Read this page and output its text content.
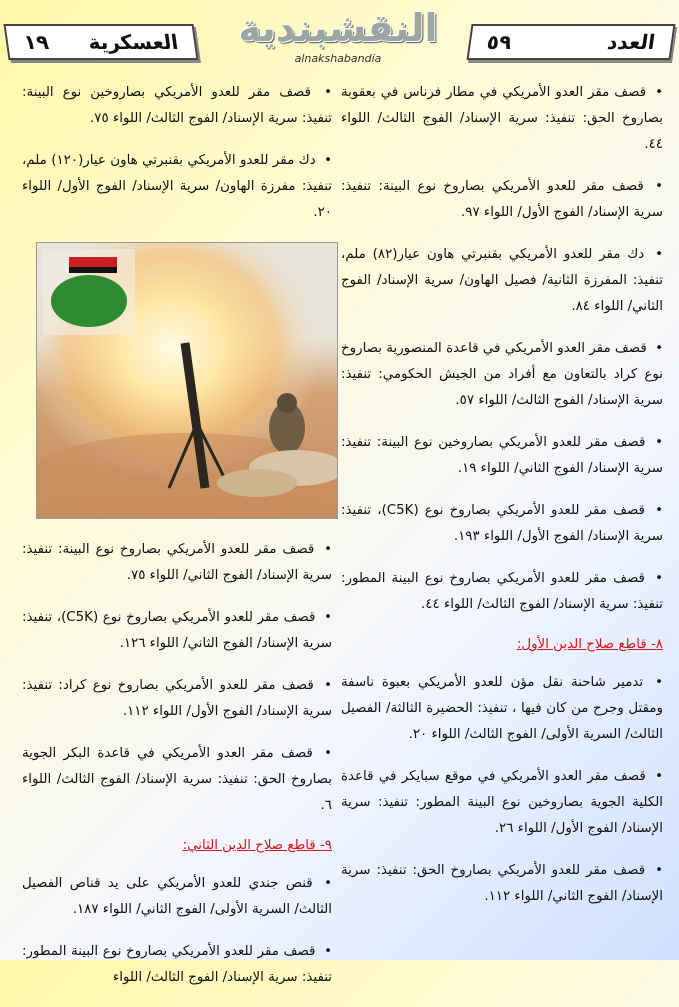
العدد
٥٩
النقشبندية
alnakshabandia
العسكرية
١٩

• قصف مقر العدو الأمريكي في مطار فرناس في بعقوبة بصاروخ الحق: تنفيذ: سرية الإسناد/ الفوج الثالث/ اللواء ٤٤.

• قصف مقر للعدو الأمريكي بصاروخ نوع البينة: تنفيذ: سرية الإسناد/ الفوج الأول/ اللواء ٩٧.

• دك مقر للعدو الأمريكي بقنبرتي هاون عيار(٨٢) ملم، تنفيذ: المفرزة الثانية/ فصيل الهاون/ سرية الإسناد/ الفوج الثاني/ اللواء ٨٤.

• قصف مقر العدو الأمريكي في قاعدة المنصورية بصاروخ نوع كراد بالتعاون مع أفراد من الجيش الحكومي: تنفيذ: سرية الإسناد/ الفوج الثالث/ اللواء ٥٧.

• قصف مقر للعدو الأمريكي بصاروخين نوع البينة: تنفيذ: سرية الإسناد/ الفوج الثاني/ اللواء ١٩.

• قصف مقر للعدو الأمريكي بصاروخ نوع (C5K)، تنفيذ: سرية الإسناد/ الفوج الأول/ اللواء ١٩٣.

• قصف مقر للعدو الأمريكي بصاروخ نوع البينة المطور: تنفيذ: سرية الإسناد/ الفوج الثالث/ اللواء ٤٤.

٨- قاطع صلاح الدين الأول:

• تدمير شاحنة نقل مؤن للعدو الأمريكي بعبوة ناسفة ومقتل وجرح من كان فيها ، تنفيذ: الحضيرة الثالثة/ الفصيل الثالث/ السرية الأولى/ الفوج الثالث/ اللواء ٢٠.

• قصف مقر العدو الأمريكي في موقع سبايكر في قاعدة الكلية الجوية بصاروخين نوع البينة المطور: تنفيذ: سرية الإسناد/ الفوج الأول/ اللواء ٢٦.

• قصف مقر للعدو الأمريكي بصاروخ الحق: تنفيذ: سرية الإسناد/ الفوج الثاني/ اللواء ١١٢.

• قصف مقر للعدو الأمريكي بصاروخين نوع البينة: تنفيذ: سرية الإسناد/ الفوج الثالث/ اللواء ٧٥.

• دك مقر للعدو الأمريكي بقنبرتي هاون عيار(١٢٠) ملم، تنفيذ: مفرزة الهاون/ سرية الإسناد/ الفوج الأول/ اللواء ٢٠.

• قصف مقر للعدو الأمريكي بصاروخ نوع البينة: تنفيذ: سرية الإسناد/ الفوج الثاني/ اللواء ٧٥.

• قصف مقر للعدو الأمريكي بصاروخ نوع (C5K)، تنفيذ: سرية الإسناد/ الفوج الثاني/ اللواء ١٢٦.

• قصف مقر للعدو الأمريكي بصاروخ نوع كراد: تنفيذ: سرية الإسناد/ الفوج الأول/ اللواء ١١٢.

• قصف مقر العدو الأمريكي في قاعدة البكر الجوية بصاروخ الحق: تنفيذ: سرية الإسناد/ الفوج الثالث/ اللواء ٦.

٩- قاطع صلاح الدين الثاني:

• قنص جندي للعدو الأمريكي على يد قناص الفصيل الثالث/ السرية الأولى/ الفوج الثاني/ اللواء ١٨٧.

• قصف مقر للعدو الأمريكي بصاروخ نوع البينة المطور: تنفيذ: سرية الإسناد/ الفوج الثالث/ اللواء
